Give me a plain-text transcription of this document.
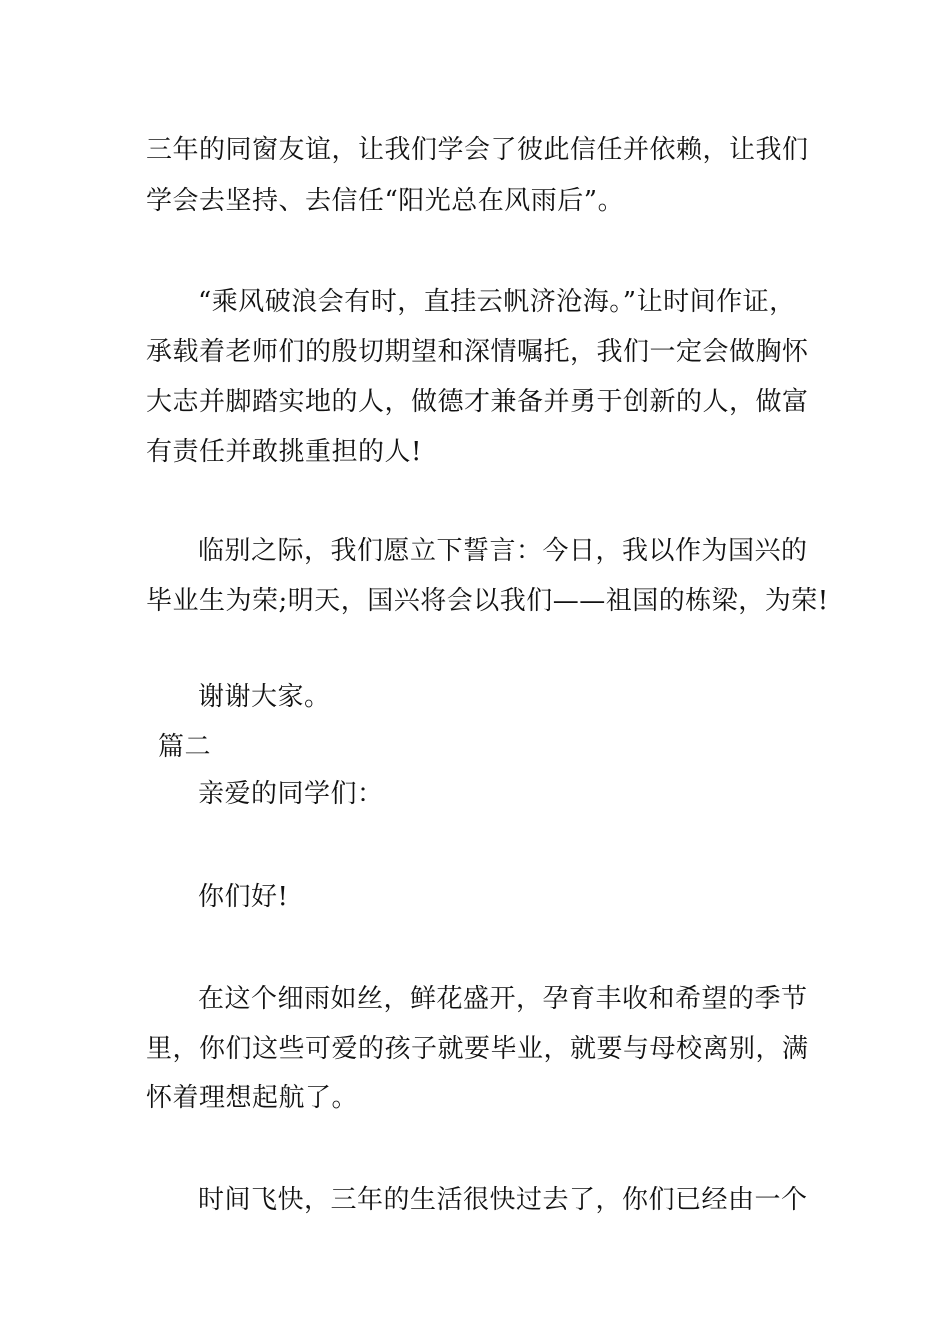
三年的同窗友谊，让我们学会了彼此信任并依赖，让我们
学会去坚持、去信任“阳光总在风雨后”。
“乘风破浪会有时，直挂云帆济沧海。”让时间作证，
承载着老师们的殷切期望和深情嘱托，我们一定会做胸怀
大志并脚踏实地的人，做德才兼备并勇于创新的人，做富
有责任并敢挑重担的人!
临别之际，我们愿立下誓言：今日，我以作为国兴的
毕业生为荣;明天，国兴将会以我们——祖国的栋梁，为荣!
谢谢大家。
篇二
亲爱的同学们：
你们好!
在这个细雨如丝，鲜花盛开，孕育丰收和希望的季节
里，你们这些可爱的孩子就要毕业，就要与母校离别，满
怀着理想起航了。
时间飞快，三年的生活很快过去了，你们已经由一个
